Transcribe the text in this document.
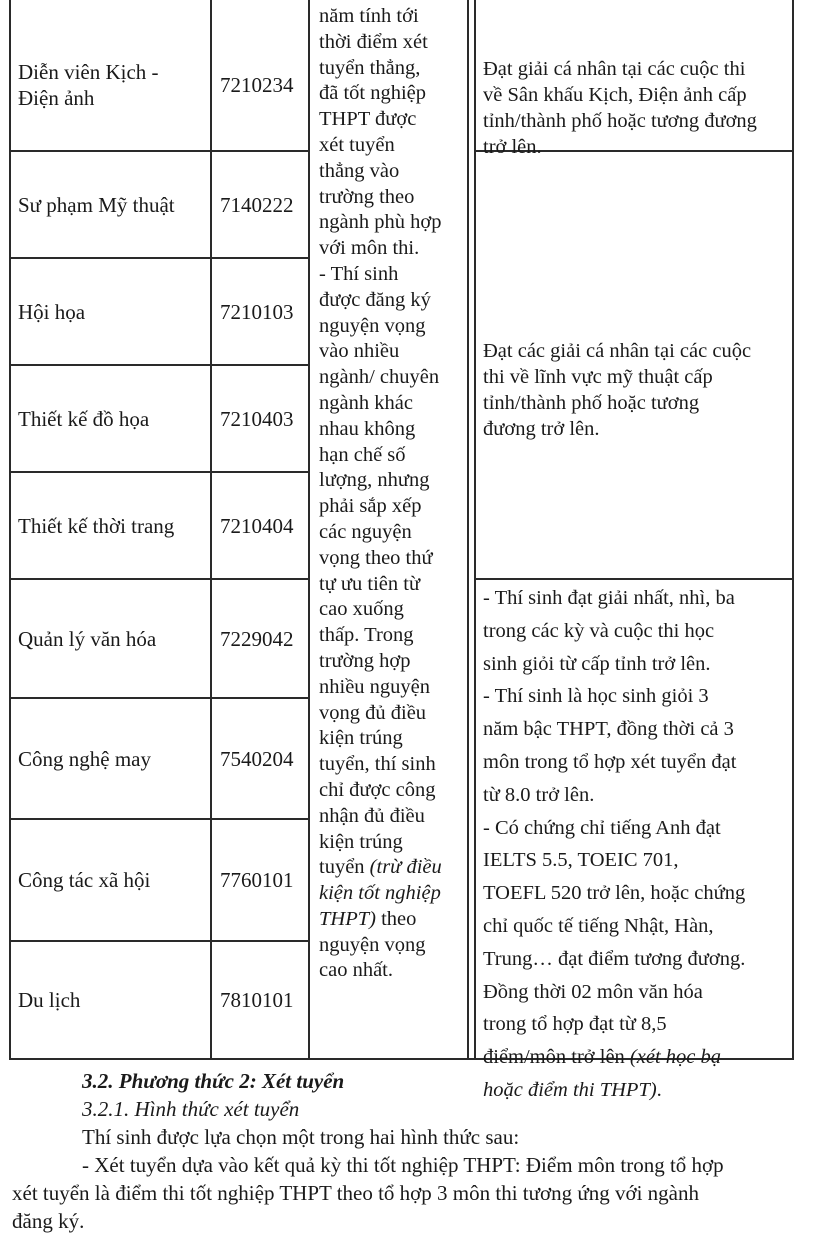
Diễn viên Kịch -
Điện ảnh
Sư phạm Mỹ thuật
Hội họa
Thiết kế đồ họa
Thiết kế thời trang
Quản lý văn hóa
Công nghệ may
Công tác xã hội
Du lịch
7210234
7140222
7210103
7210403
7210404
7229042
7540204
7760101
7810101
năm tính tới
thời điểm xét
tuyển thẳng,
đã tốt nghiệp
THPT được
xét tuyển
thẳng vào
trường theo
ngành phù hợp
với môn thi.
- Thí sinh
được đăng ký
nguyện vọng
vào nhiều
ngành/ chuyên
ngành khác
nhau không
hạn chế số
lượng, nhưng
phải sắp xếp
các nguyện
vọng theo thứ
tự ưu tiên từ
cao xuống
thấp. Trong
trường hợp
nhiều nguyện
vọng đủ điều
kiện trúng
tuyển, thí sinh
chỉ được công
nhận đủ điều
kiện trúng
tuyển (trừ điều
kiện tốt nghiệp
THPT) theo
nguyện vọng
cao nhất.

Đạt giải cá nhân tại các cuộc thi
về Sân khấu Kịch, Điện ảnh cấp
tỉnh/thành phố hoặc tương đương
trở lên.

Đạt các giải cá nhân tại các cuộc
thi về lĩnh vực mỹ thuật cấp
tỉnh/thành phố hoặc tương
đương trở lên.

- Thí sinh đạt giải nhất, nhì, ba
trong các kỳ và cuộc thi học
sinh giỏi từ cấp tỉnh trở lên.
- Thí sinh là học sinh giỏi 3
năm bậc THPT, đồng thời cả 3
môn trong tổ hợp xét tuyển đạt
từ 8.0 trở lên.
- Có chứng chỉ tiếng Anh đạt
IELTS 5.5, TOEIC 701,
TOEFL 520 trở lên, hoặc chứng
chỉ quốc tế tiếng Nhật, Hàn,
Trung… đạt điểm tương đương.
Đồng thời 02 môn văn hóa
trong tổ hợp đạt từ 8,5
điểm/môn trở lên (xét học bạ
hoặc điểm thi THPT).
3.2. Phương thức 2: Xét tuyển
3.2.1. Hình thức xét tuyển
Thí sinh được lựa chọn một trong hai hình thức sau:
- Xét tuyển dựa vào kết quả kỳ thi tốt nghiệp THPT: Điểm môn trong tổ hợp
xét tuyển là điểm thi tốt nghiệp THPT theo tổ hợp 3 môn thi tương ứng với ngành
đăng ký.
